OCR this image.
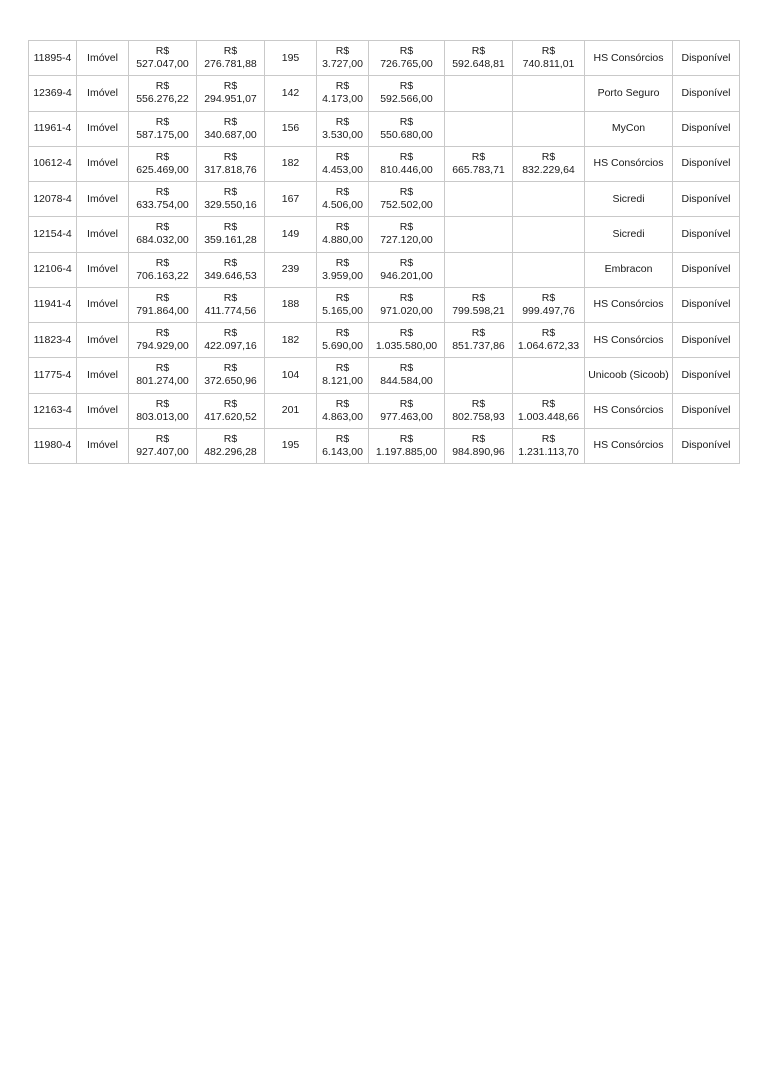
11895-4	Imóvel	R$
527.047,00	R$
276.781,88	195	R$
3.727,00	R$
726.765,00	R$
592.648,81	R$
740.811,01	HS Consórcios	Disponível
12369-4	Imóvel	R$
556.276,22	R$
294.951,07	142	R$
4.173,00	R$
592.566,00			Porto Seguro	Disponível
11961-4	Imóvel	R$
587.175,00	R$
340.687,00	156	R$
3.530,00	R$
550.680,00			MyCon	Disponível
10612-4	Imóvel	R$
625.469,00	R$
317.818,76	182	R$
4.453,00	R$
810.446,00	R$
665.783,71	R$
832.229,64	HS Consórcios	Disponível
12078-4	Imóvel	R$
633.754,00	R$
329.550,16	167	R$
4.506,00	R$
752.502,00			Sicredi	Disponível
12154-4	Imóvel	R$
684.032,00	R$
359.161,28	149	R$
4.880,00	R$
727.120,00			Sicredi	Disponível
12106-4	Imóvel	R$
706.163,22	R$
349.646,53	239	R$
3.959,00	R$
946.201,00			Embracon	Disponível
11941-4	Imóvel	R$
791.864,00	R$
411.774,56	188	R$
5.165,00	R$
971.020,00	R$
799.598,21	R$
999.497,76	HS Consórcios	Disponível
11823-4	Imóvel	R$
794.929,00	R$
422.097,16	182	R$
5.690,00	R$
1.035.580,00	R$
851.737,86	R$
1.064.672,33	HS Consórcios	Disponível
11775-4	Imóvel	R$
801.274,00	R$
372.650,96	104	R$
8.121,00	R$
844.584,00			Unicoob (Sicoob)	Disponível
12163-4	Imóvel	R$
803.013,00	R$
417.620,52	201	R$
4.863,00	R$
977.463,00	R$
802.758,93	R$
1.003.448,66	HS Consórcios	Disponível
11980-4	Imóvel	R$
927.407,00	R$
482.296,28	195	R$
6.143,00	R$
1.197.885,00	R$
984.890,96	R$
1.231.113,70	HS Consórcios	Disponível
